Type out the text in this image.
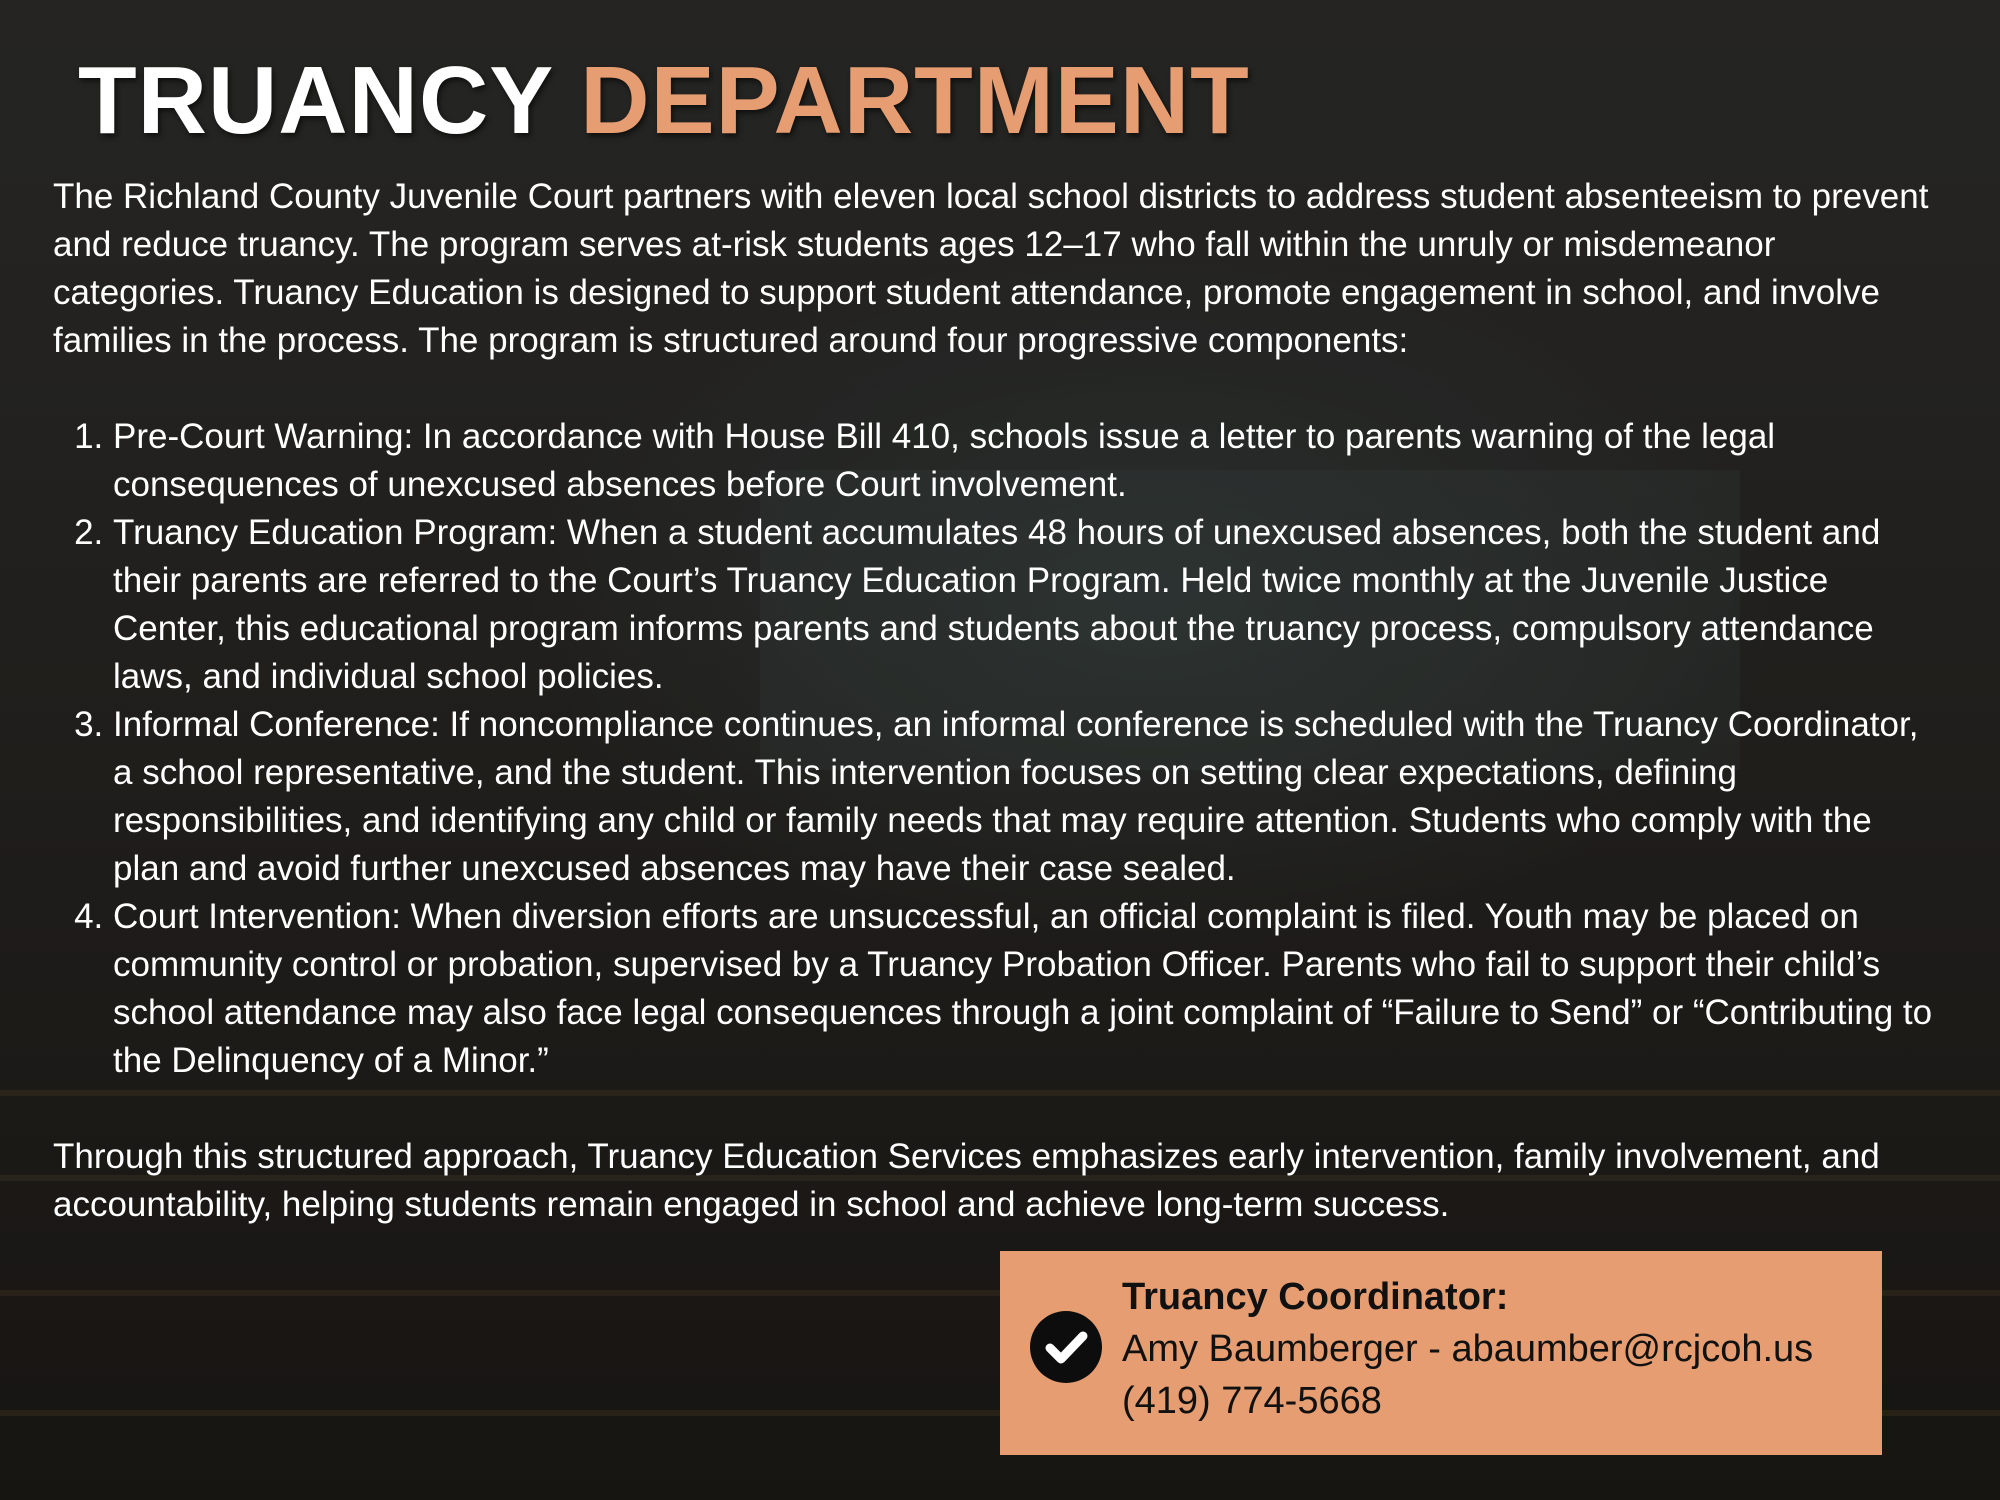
TRUANCY DEPARTMENT

The Richland County Juvenile Court partners with eleven local school districts to address student absenteeism to prevent and reduce truancy. The program serves at-risk students ages 12–17 who fall within the unruly or misdemeanor categories. Truancy Education is designed to support student attendance, promote engagement in school, and involve families in the process. The program is structured around four progressive components:

1. Pre-Court Warning: In accordance with House Bill 410, schools issue a letter to parents warning of the legal consequences of unexcused absences before Court involvement.
2. Truancy Education Program: When a student accumulates 48 hours of unexcused absences, both the student and their parents are referred to the Court’s Truancy Education Program. Held twice monthly at the Juvenile Justice Center, this educational program informs parents and students about the truancy process, compulsory attendance laws, and individual school policies.
3. Informal Conference: If noncompliance continues, an informal conference is scheduled with the Truancy Coordinator, a school representative, and the student. This intervention focuses on setting clear expectations, defining responsibilities, and identifying any child or family needs that may require attention. Students who comply with the plan and avoid further unexcused absences may have their case sealed.
4. Court Intervention: When diversion efforts are unsuccessful, an official complaint is filed. Youth may be placed on community control or probation, supervised by a Truancy Probation Officer. Parents who fail to support their child’s school attendance may also face legal consequences through a joint complaint of “Failure to Send” or “Contributing to the Delinquency of a Minor.”

Through this structured approach, Truancy Education Services emphasizes early intervention, family involvement, and accountability, helping students remain engaged in school and achieve long-term success.

Truancy Coordinator:
Amy Baumberger - abaumber@rcjcoh.us
(419) 774-5668
